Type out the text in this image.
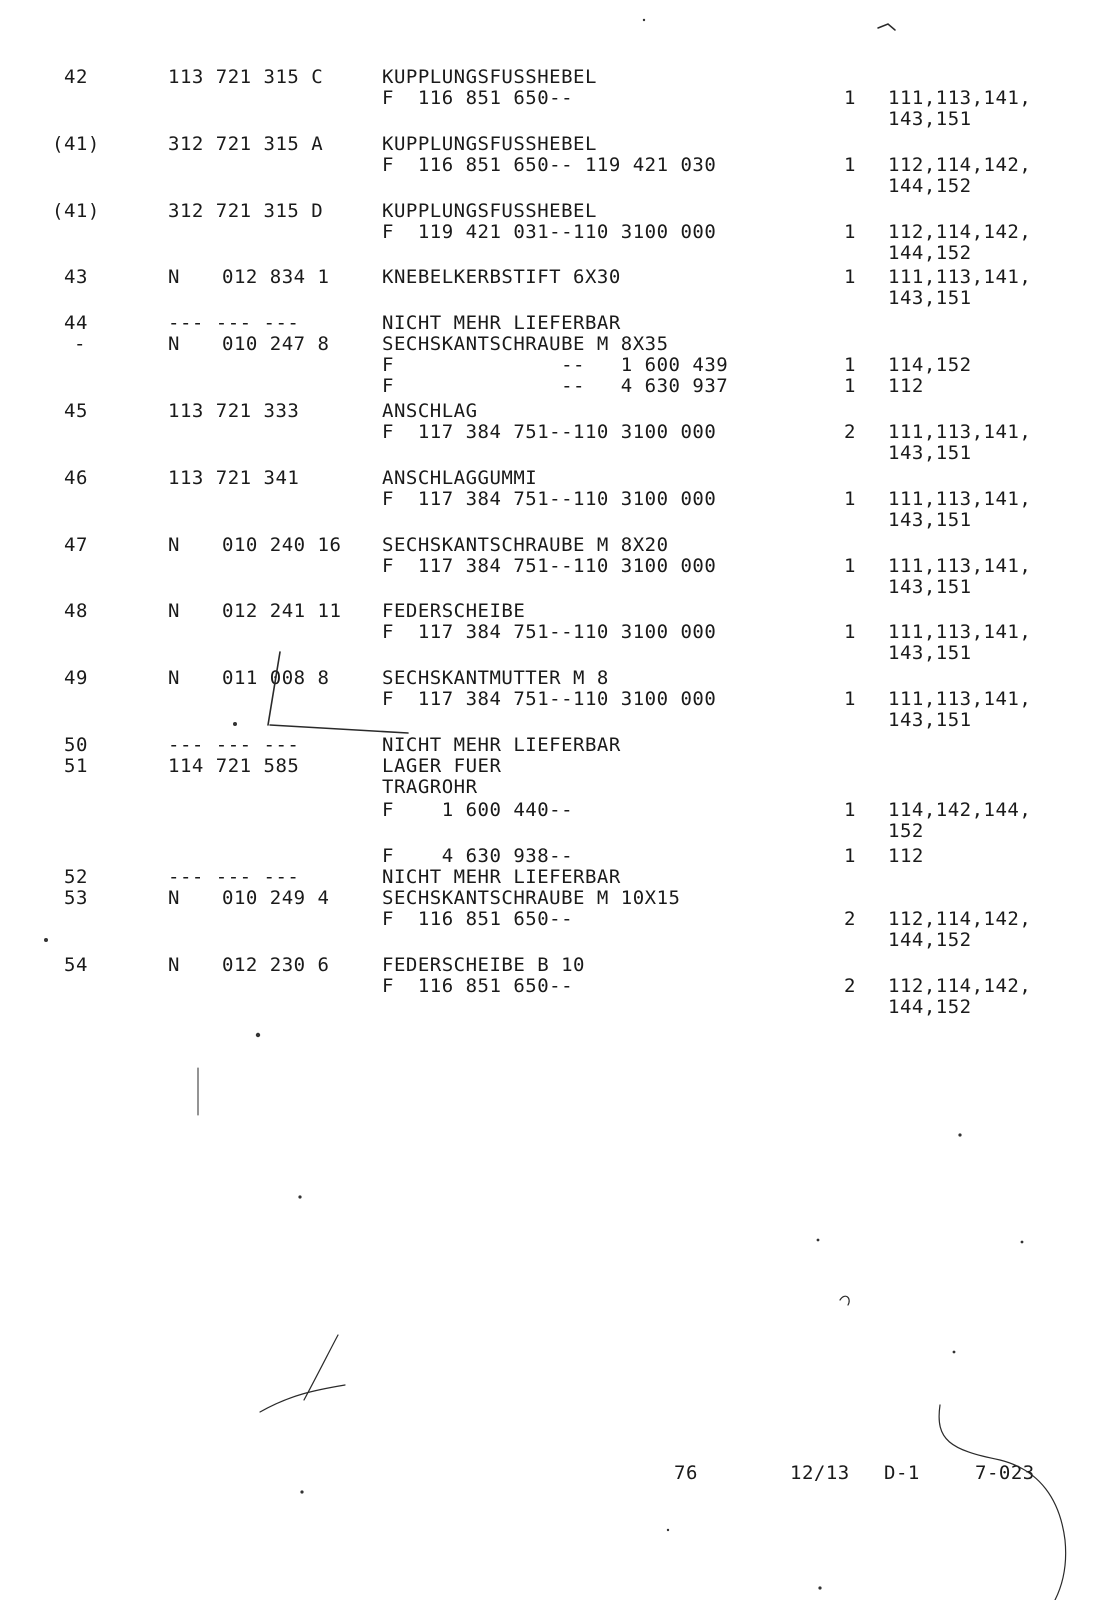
42	113 721 315 C	KUPPLUNGSFUSSHEBEL
F  116 851 650--	1 111,113,141,
143,151
(41)	312 721 315 A	KUPPLUNGSFUSSHEBEL
F  116 851 650-- 119 421 030	1 112,114,142,
144,152
(41)	312 721 315 D	KUPPLUNGSFUSSHEBEL
F  119 421 031--110 3100 000	1 112,114,142,
144,152
43	N 012 834 1	KNEBELKERBSTIFT 6X30	1 111,113,141,
143,151
44	--- --- ---	NICHT MEHR LIEFERBAR
-	N 010 247 8	SECHSKANTSCHRAUBE M 8X35
F              --   1 600 439	1 114,152
F              --   4 630 937	1 112
45	113 721 333	ANSCHLAG
F  117 384 751--110 3100 000	2 111,113,141,
143,151
46	113 721 341	ANSCHLAGGUMMI
F  117 384 751--110 3100 000	1 111,113,141,
143,151
47	N 010 240 16 SECHSKANTSCHRAUBE M 8X20
F  117 384 751--110 3100 000	1 111,113,141,
143,151
48	N 012 241 11 FEDERSCHEIBE
F  117 384 751--110 3100 000	1 111,113,141,
143,151
49	N 011 008 8	SECHSKANTMUTTER M 8
F  117 384 751--110 3100 000	1 111,113,141,
143,151
50	--- --- ---	NICHT MEHR LIEFERBAR
51	114 721 585	LAGER FUER
TRAGROHR
F    1 600 440--	1 114,142,144,
152
F    4 630 938--	1 112
52	--- --- ---	NICHT MEHR LIEFERBAR
53	N 010 249 4	SECHSKANTSCHRAUBE M 10X15
F  116 851 650--	2 112,114,142,
144,152
54	N 012 230 6	FEDERSCHEIBE B 10
F  116 851 650--	2 112,114,142,
144,152
76	12/13 D-1	7-023
